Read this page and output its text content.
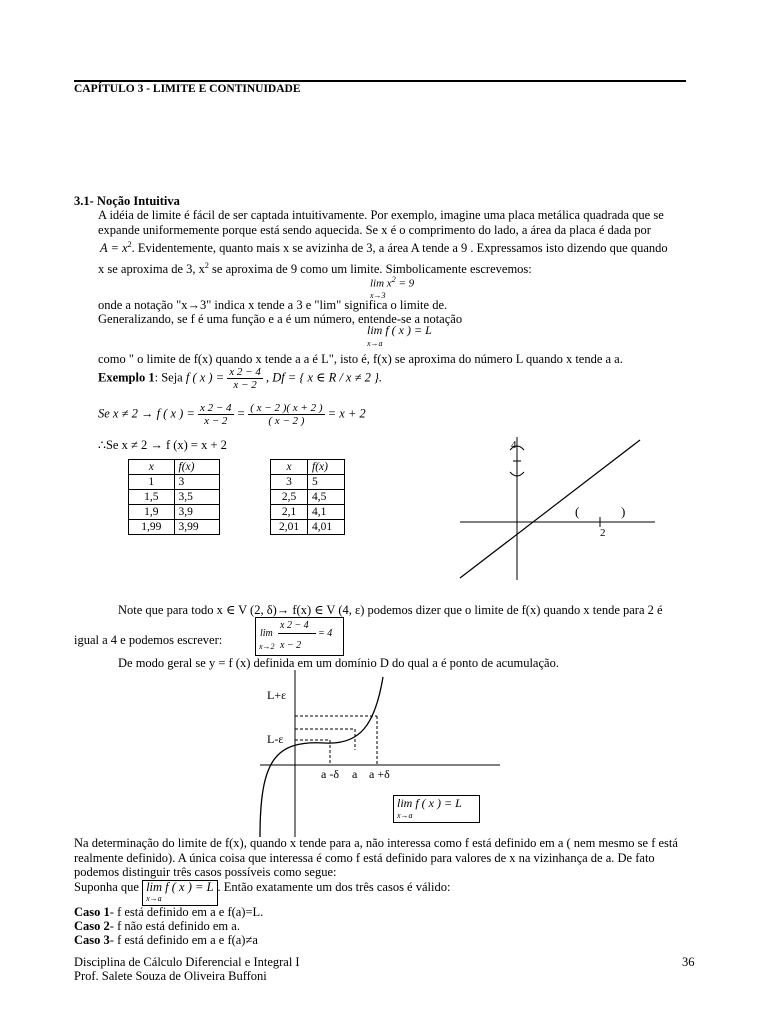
CAPÍTULO 3 - LIMITE E CONTINUIDADE
3.1- Noção Intuitiva
A idéia de limite é fácil de ser captada intuitivamente. Por exemplo, imagine uma placa metálica quadrada que se
expande uniformemente porque está sendo aquecida. Se x é o comprimento do lado, a área da placa é dada por
$A = x^2$. Evidentemente, quanto mais x se avizinha de 3, a área A tende a 9 . Expressamos isto dizendo que quando
x se aproxima de 3, $x^2$ se aproxima de 9 como um limite. Simbolicamente escrevemos:
$\lim x^2 = 9$
x→3
onde a notação "x→3" indica x tende a 3 e "lim" significa o limite de.
Generalizando, se f é uma função e a é um número, entende-se a notação
lim f ( x ) = L
x→a
como " o limite de f(x) quando x tende a a é L", isto é, f(x) se aproxima do número L quando x tende a a.
Exemplo 1: Seja f ( x ) = $\frac{x 2 - 4}{x - 2}$ , Df = { x ∈ R / x ≠ 2 }.
Se x ≠ 2 → f ( x ) = $\frac{x 2 - 4}{x - 2} = \frac{( x - 2 )( x + 2 )}{( x - 2 )} = x + 2$
∴Se x ≠ 2 → f (x) = x + 2
x	f(x)
1	3
1,5	3,5
1,9	3,9
1,99	3,99
x	f(x)
3	5
2,5	4,5
2,1	4,1
2,01	4,01
4
2
(	)
Note que para todo x ∈ V (2, δ)→ f(x) ∈ V (4, ε) podemos dizer que o limite de f(x) quando x tende para 2 é
igual a 4 e podemos escrever:	lim
x 2 − 4
x − 2
= 4
x→2
De modo geral se y = f (x) definida em um domínio D do qual a é ponto de acumulação.
L+ε
L-ε
a -δ a a +δ
lim f ( x ) = L
x→a
Na determinação do limite de f(x), quando x tende para a, não interessa como f está definido em a ( nem mesmo se f está
realmente definido). A única coisa que interessa é como f está definido para valores de x na vizinhança de a. De fato
podemos distinguir três casos possíveis como segue:
Suponha que lim f ( x ) = L
x→a
. Então exatamente um dos três casos é válido:
Caso 1- f está definido em a e f(a)=L.
Caso 2- f não está definido em a.
Caso 3- f está definido em a e f(a)≠a
Disciplina de Cálculo Diferencial e Integral I
Prof. Salete Souza de Oliveira Buffoni
36
